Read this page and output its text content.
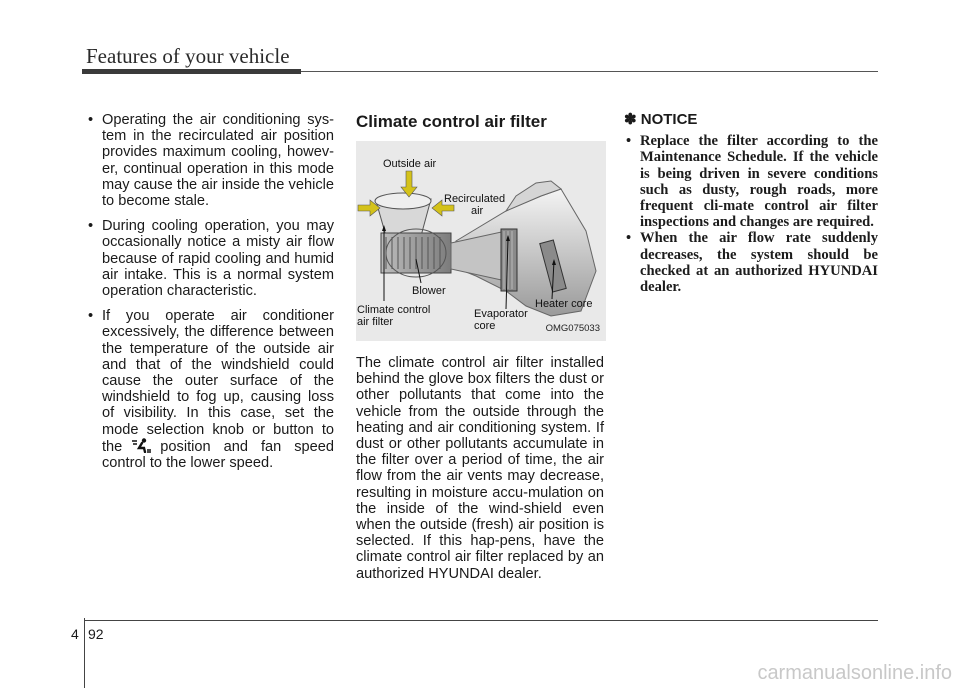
Features of your vehicle
• Operating the air conditioning sys-tem in the recirculated air position provides maximum cooling, howev-er, continual operation in this mode may cause the air inside the vehicle to become stale.
• During cooling operation, you may occasionally notice a misty air flow because of rapid cooling and humid air intake. This is a normal system operation characteristic.
• If you operate air conditioner excessively, the difference between the temperature of the outside air and that of the windshield could cause the outer surface of the windshield to fog up, causing loss of visibility. In this case, set the mode selection knob or button to the	position and fan speed control to the lower speed.
Climate control air filter
Outside air
Recirculated
air
Blower
Heater core
Climate control
air filter
Evaporator
core	OMG075033
The climate control air filter installed behind the glove box filters the dust or other pollutants that come into the vehicle from the outside through the heating and air conditioning system. If dust or other pollutants accumulate in the filter over a period of time, the air flow from the air vents may decrease, resulting in moisture accu-mulation on the inside of the wind-shield even when the outside (fresh) air position is selected. If this hap-pens, have the climate control air filter replaced by an authorized HYUNDAI dealer.
✽ NOTICE
• Replace the filter according to the Maintenance Schedule. If the vehicle is being driven in severe conditions such as dusty, rough roads, more frequent cli-mate control air filter inspections and changes are required.
• When the air flow rate suddenly decreases, the system should be checked at an authorized HYUNDAI dealer.
4 92
carmanualsonline.info
